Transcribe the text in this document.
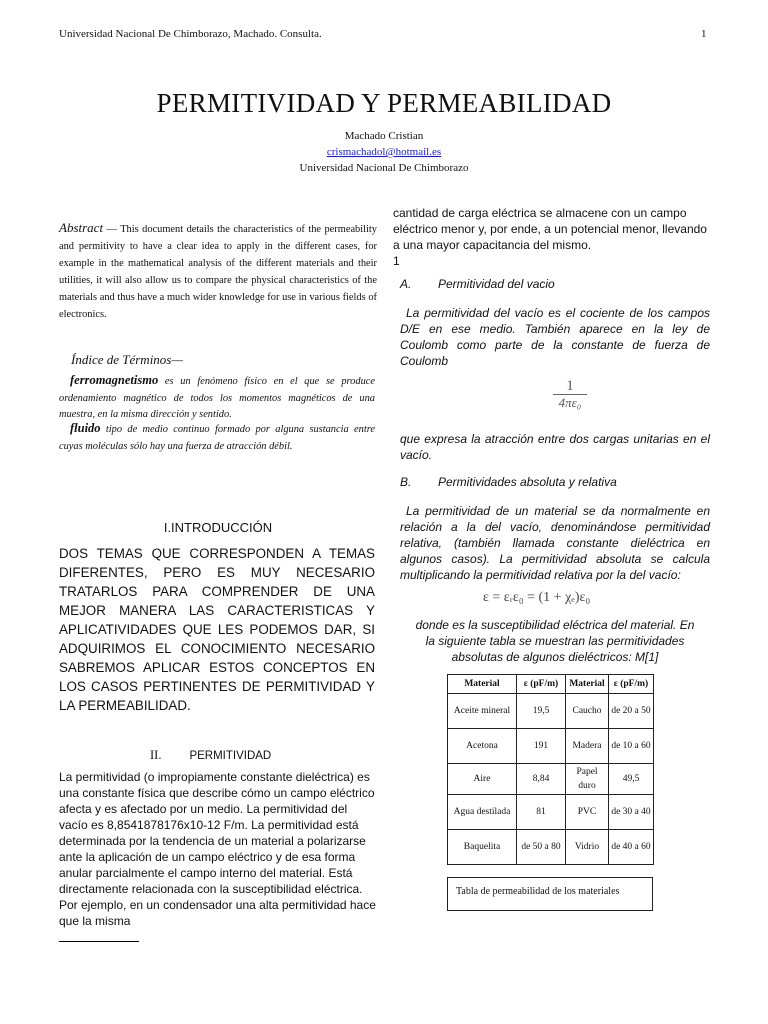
Universidad Nacional De Chimborazo, Machado. Consulta.	1
PERMITIVIDAD Y PERMEABILIDAD
Machado Cristian
crismachadol@hotmail.es
Universidad Nacional De Chimborazo
Abstract — This document details the characteristics of the permeability and permitivity to have a clear idea to apply in the different cases, for example in the mathematical analysis of the different materials and their utilities, it will also allow us to compare the physical characteristics of the materials and thus have a much wider knowledge for use in various fields of electronics.
Índice de Términos—
ferromagnetismo es un fenómeno físico en el que se produce ordenamiento magnético de todos los momentos magnéticos de una muestra, en la misma dirección y sentido.
fluido tipo de medio continuo formado por alguna sustancia entre cuyas moléculas sólo hay una fuerza de atracción débil.
I.INTRODUCCIÓN
DOS TEMAS QUE CORRESPONDEN A TEMAS DIFERENTES, PERO ES MUY NECESARIO TRATARLOS PARA COMPRENDER DE UNA MEJOR MANERA LAS CARACTERISTICAS Y APLICATIVIDADES QUE LES PODEMOS DAR, SI ADQUIRIMOS EL CONOCIMIENTO NECESARIO SABREMOS APLICAR ESTOS CONCEPTOS EN LOS CASOS PERTINENTES DE PERMITIVIDAD Y LA PERMEABILIDAD.
II. PERMITIVIDAD
La permitividad (o impropiamente constante dieléctrica) es una constante física que describe cómo un campo eléctrico afecta y es afectado por un medio. La permitividad del vacío es 8,8541878176x10-12 F/m. La permitividad está determinada por la tendencia de un material a polarizarse ante la aplicación de un campo eléctrico y de esa forma anular parcialmente el campo interno del material. Está directamente relacionada con la susceptibilidad eléctrica. Por ejemplo, en un condensador una alta permitividad hace que la misma
cantidad de carga eléctrica se almacene con un campo eléctrico menor y, por ende, a un potencial menor, llevando a una mayor capacitancia del mismo.
1
A. Permitividad del vacio
La permitividad del vacío es el cociente de los campos D/E en ese medio. También aparece en la ley de Coulomb como parte de la constante de fuerza de Coulomb
1
4πε₀
que expresa la atracción entre dos cargas unitarias en el vacío.
B. Permitividades absoluta y relativa
La permitividad de un material se da normalmente en relación a la del vacío, denominándose permitividad relativa, (también llamada constante dieléctrica en algunos casos). La permitividad absoluta se calcula multiplicando la permitividad relativa por la del vacío:
ε = εᵣε₀ = (1 + χₑ)ε₀
donde es la susceptibilidad eléctrica del material. En la siguiente tabla se muestran las permitividades absolutas de algunos dieléctricos: M[1]
Material	ε (pF/m)	Material	ε (pF/m)
Aceite mineral	19,5	Caucho	de 20 a 50
Acetona	191	Madera	de 10 a 60
Aire	8,84	Papel duro	49,5
Agua destilada	81	PVC	de 30 a 40
Baquelita	de 50 a 80	Vidrio	de 40 a 60
Tabla de permeabilidad de los materiales
